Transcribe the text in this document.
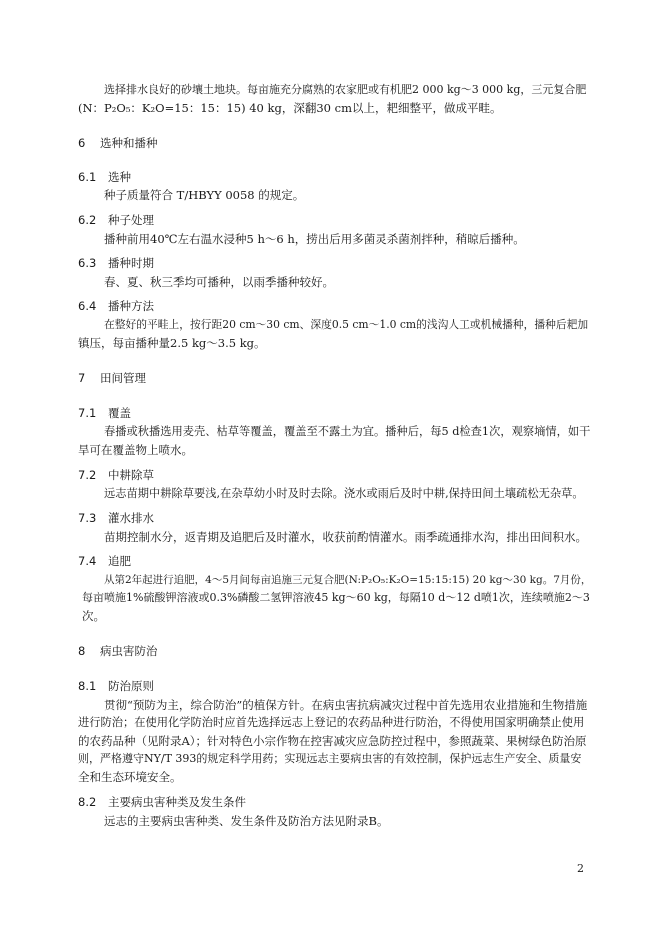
选择排水良好的砂壤土地块。每亩施充分腐熟的农家肥或有机肥2 000 kg～3 000 kg，三元复合肥
(N：P₂O₅：K₂O=15：15：15) 40 kg，深翻30 cm以上，耙细整平，做成平畦。
6 选种和播种
6.1 选种
种子质量符合 T/HBYY 0058 的规定。
6.2 种子处理
播种前用40℃左右温水浸种5 h～6 h，捞出后用多菌灵杀菌剂拌种，稍晾后播种。
6.3 播种时期
春、夏、秋三季均可播种，以雨季播种较好。
6.4 播种方法
在整好的平畦上，按行距20 cm～30 cm、深度0.5 cm～1.0 cm的浅沟人工或机械播种，播种后耙加
镇压，每亩播种量2.5 kg～3.5 kg。
7 田间管理
7.1 覆盖
春播或秋播选用麦壳、枯草等覆盖，覆盖至不露土为宜。播种后，每5 d检查1次，观察墒情，如干
旱可在覆盖物上喷水。
7.2 中耕除草
远志苗期中耕除草要浅,在杂草幼小时及时去除。浇水或雨后及时中耕,保持田间土壤疏松无杂草。
7.3 灌水排水
苗期控制水分，返青期及追肥后及时灌水，收获前酌情灌水。雨季疏通排水沟，排出田间积水。
7.4 追肥
从第2年起进行追肥，4～5月间每亩追施三元复合肥(N:P₂O₅:K₂O=15:15:15) 20 kg～30 kg。7月份，
每亩喷施1%硫酸钾溶液或0.3%磷酸二氢钾溶液45 kg～60 kg，每隔10 d～12 d喷1次，连续喷施2～3
次。
8 病虫害防治
8.1 防治原则
贯彻“预防为主，综合防治”的植保方针。在病虫害抗病减灾过程中首先选用农业措施和生物措施
进行防治；在使用化学防治时应首先选择远志上登记的农药品种进行防治，不得使用国家明确禁止使用
的农药品种（见附录A）；针对特色小宗作物在控害减灾应急防控过程中，参照蔬菜、果树绿色防治原
则，严格遵守NY/T 393的规定科学用药；实现远志主要病虫害的有效控制，保护远志生产安全、质量安
全和生态环境安全。
8.2 主要病虫害种类及发生条件
远志的主要病虫害种类、发生条件及防治方法见附录B。
2
